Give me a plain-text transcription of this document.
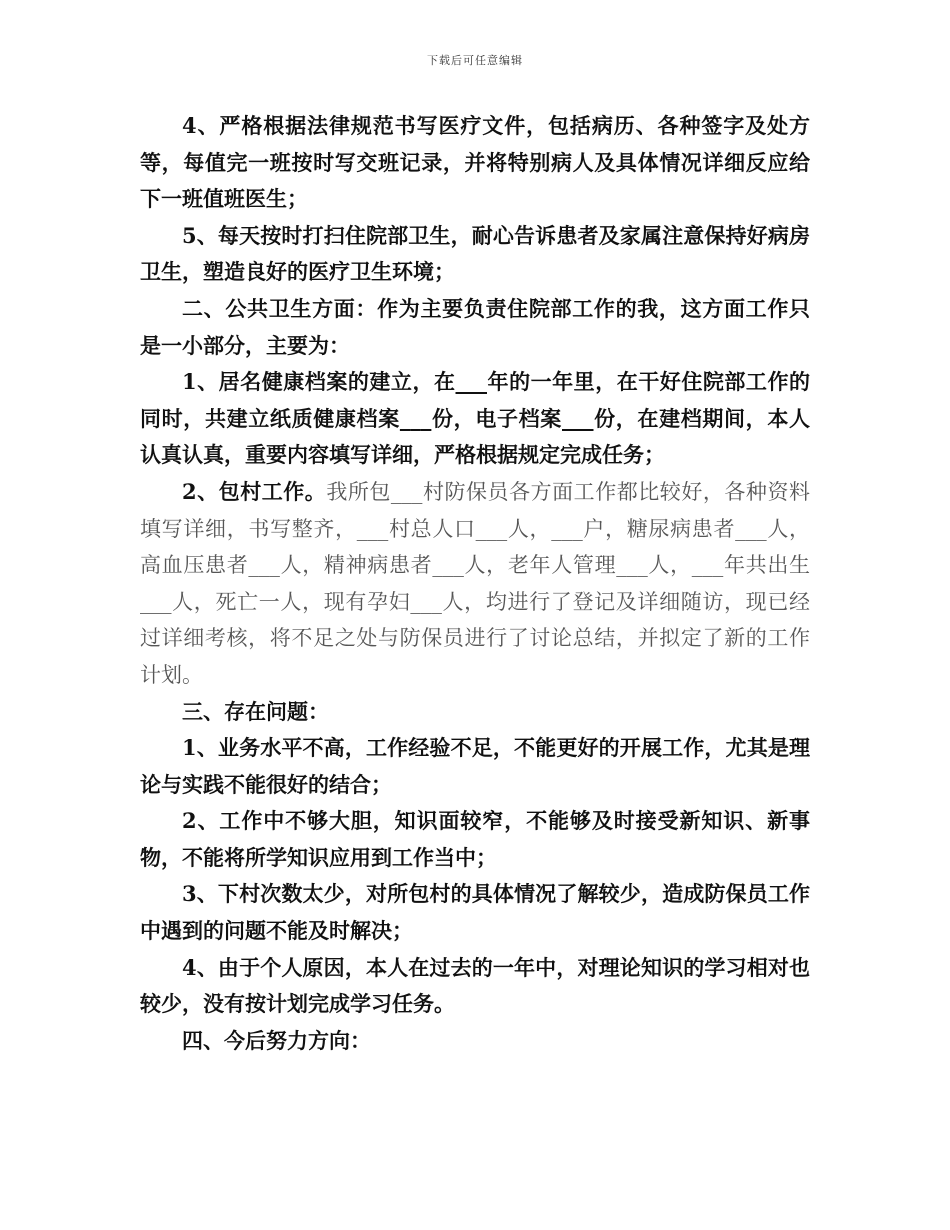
下载后可任意编辑

4、严格根据法律规范书写医疗文件，包括病历、各种签字及处方等，每值完一班按时写交班记录，并将特别病人及具体情况详细反应给下一班值班医生；

5、每天按时打扫住院部卫生，耐心告诉患者及家属注意保持好病房卫生，塑造良好的医疗卫生环境；

二、公共卫生方面：作为主要负责住院部工作的我，这方面工作只是一小部分，主要为：

1、居名健康档案的建立，在___年的一年里，在干好住院部工作的同时，共建立纸质健康档案___份，电子档案___份，在建档期间，本人认真认真，重要内容填写详细，严格根据规定完成任务；

2、包村工作。我所包___村防保员各方面工作都比较好，各种资料填写详细，书写整齐，___村总人口___人，___户，糖尿病患者___人，高血压患者___人，精神病患者___人，老年人管理___人，___年共出生___人，死亡一人，现有孕妇___人，均进行了登记及详细随访，现已经过详细考核，将不足之处与防保员进行了讨论总结，并拟定了新的工作计划。

三、存在问题：

1、业务水平不高，工作经验不足，不能更好的开展工作，尤其是理论与实践不能很好的结合；

2、工作中不够大胆，知识面较窄，不能够及时接受新知识、新事物，不能将所学知识应用到工作当中；

3、下村次数太少，对所包村的具体情况了解较少，造成防保员工作中遇到的问题不能及时解决；

4、由于个人原因，本人在过去的一年中，对理论知识的学习相对也较少，没有按计划完成学习任务。

四、今后努力方向：
